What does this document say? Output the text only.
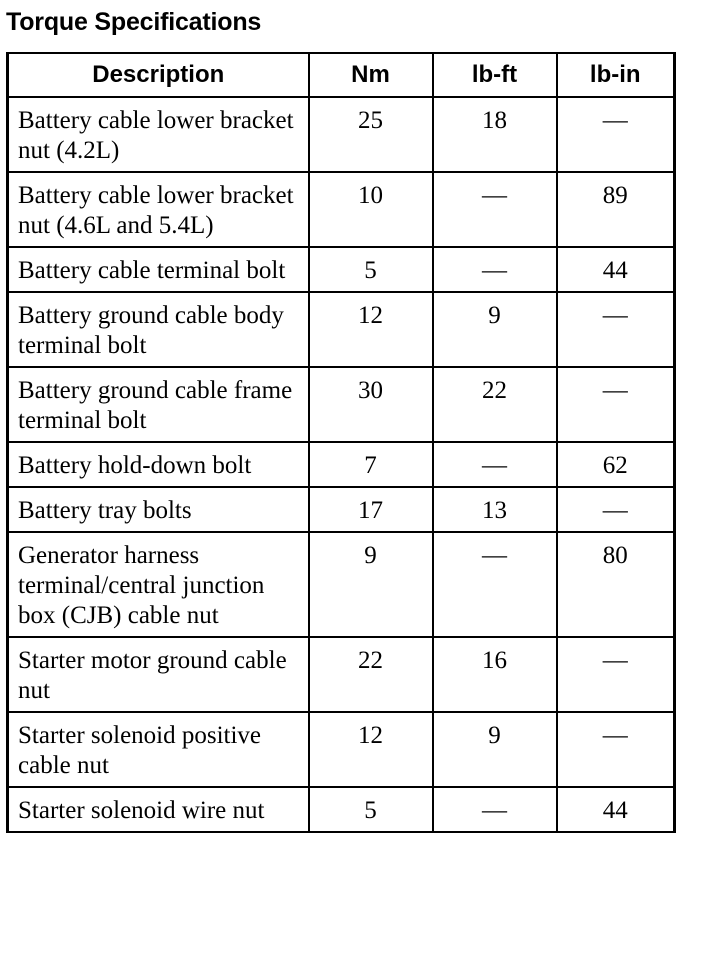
Torque Specifications
Description	Nm	lb-ft	lb-in
Battery cable lower bracket nut (4.2L)	25	18	—
Battery cable lower bracket nut (4.6L and 5.4L)	10	—	89
Battery cable terminal bolt	5	—	44
Battery ground cable body terminal bolt	12	9	—
Battery ground cable frame terminal bolt	30	22	—
Battery hold-down bolt	7	—	62
Battery tray bolts	17	13	—
Generator harness terminal/central junction box (CJB) cable nut	9	—	80
Starter motor ground cable nut	22	16	—
Starter solenoid positive cable nut	12	9	—
Starter solenoid wire nut	5	—	44
